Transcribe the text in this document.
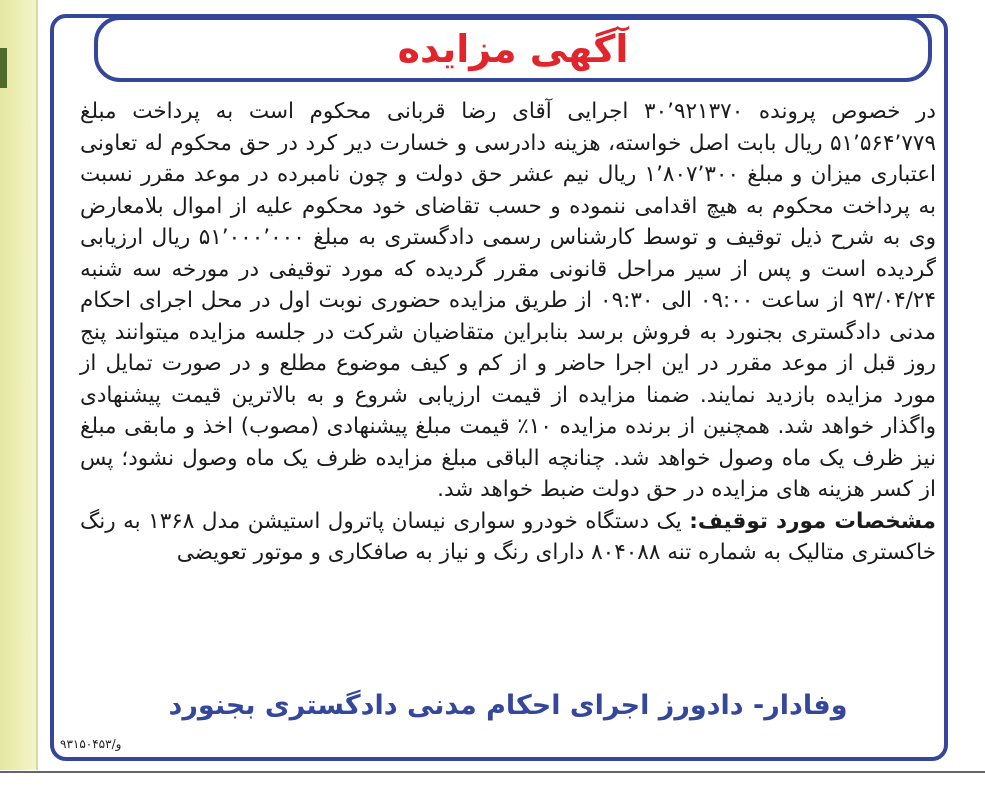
آگهی مزایده

در خصوص پرونده ۳۰٬۹۲۱۳۷۰ اجرایی آقای رضا قربانی محکوم است به پرداخت مبلغ ۵۱٬۵۶۴٬۷۷۹ ریال بابت اصل خواسته، هزینه دادرسی و خسارت دیر کرد در حق محکوم له تعاونی اعتباری میزان و مبلغ ۱٬۸۰۷٬۳۰۰ ریال نیم عشر حق دولت و چون نامبرده در موعد مقرر نسبت به پرداخت محکوم به هیچ اقدامی ننموده و حسب تقاضای خود محکوم علیه از اموال بلامعارض وی به شرح ذیل توقیف و توسط کارشناس رسمی دادگستری به مبلغ ۵۱٬۰۰۰٬۰۰۰ ریال ارزیابی گردیده است و پس از سیر مراحل قانونی مقرر گردیده که مورد توقیفی در مورخه سه شنبه ۹۳/۰۴/۲۴ از ساعت ۰۹:۰۰ الی ۰۹:۳۰ از طریق مزایده حضوری نوبت اول در محل اجرای احکام مدنی دادگستری بجنورد به فروش برسد بنابراین متقاضیان شرکت در جلسه مزایده میتوانند پنج روز قبل از موعد مقرر در این اجرا حاضر و از کم و کیف موضوع مطلع و در صورت تمایل از مورد مزایده بازدید نمایند. ضمنا مزایده از قیمت ارزیابی شروع و به بالاترین قیمت پیشنهادی واگذار خواهد شد. همچنین از برنده مزایده ۱۰٪ قیمت مبلغ پیشنهادی (مصوب) اخذ و مابقی مبلغ نیز ظرف یک ماه وصول خواهد شد. چنانچه الباقی مبلغ مزایده ظرف یک ماه وصول نشود؛ پس از کسر هزینه های مزایده در حق دولت ضبط خواهد شد.

مشخصات مورد توقیف: یک دستگاه خودرو سواری نیسان پاترول استیشن مدل ۱۳۶۸ به رنگ خاکستری متالیک به شماره تنه ۸۰۴۰۸۸ دارای رنگ و نیاز به صافکاری و موتور تعویضی

وفادار- دادورز اجرای احکام مدنی دادگستری بجنورد
و/۹۳۱۵۰۴۵۳
